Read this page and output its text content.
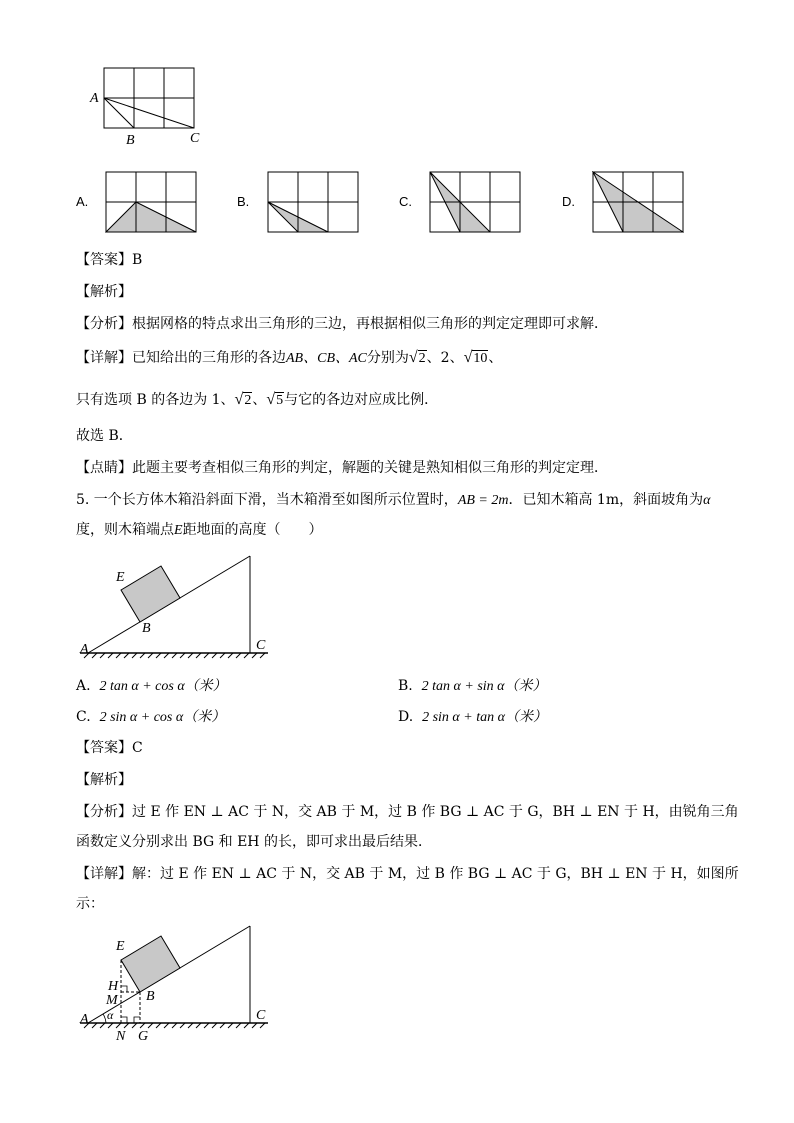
A
B	C
A.	B.	C.	D.
【答案】B
【解析】
【分析】根据网格的特点求出三角形的三边，再根据相似三角形的判定定理即可求解．
【详解】已知给出的三角形的各边AB、CB、AC分别为√2、2、√10、
只有选项 B 的各边为 1、√2、√5与它的各边对应成比例．
故选 B．
【点睛】此题主要考查相似三角形的判定，解题的关键是熟知相似三角形的判定定理．
5. 一个长方体木箱沿斜面下滑，当木箱滑至如图所示位置时，AB = 2m．已知木箱高 1m，斜面坡角为α
度，则木箱端点E距地面的高度（　　）
E
B
A	C
A. 2 tan α + cos α（米）	B. 2 tan α + sin α（米）
C. 2 sin α + cos α（米）	D. 2 sin α + tan α（米）
【答案】C
【解析】
【分析】过 E 作 EN ⊥ AC 于 N，交 AB 于 M，过 B 作 BG ⊥ AC 于 G，BH ⊥ EN 于 H，由锐角三角
函数定义分别求出 BG 和 EH 的长，即可求出最后结果．
【详解】解：过 E 作 EN ⊥ AC 于 N，交 AB 于 M，过 B 作 BG ⊥ AC 于 G，BH ⊥ EN 于 H，如图所
示：
E
H
M B
A α
N G
C
